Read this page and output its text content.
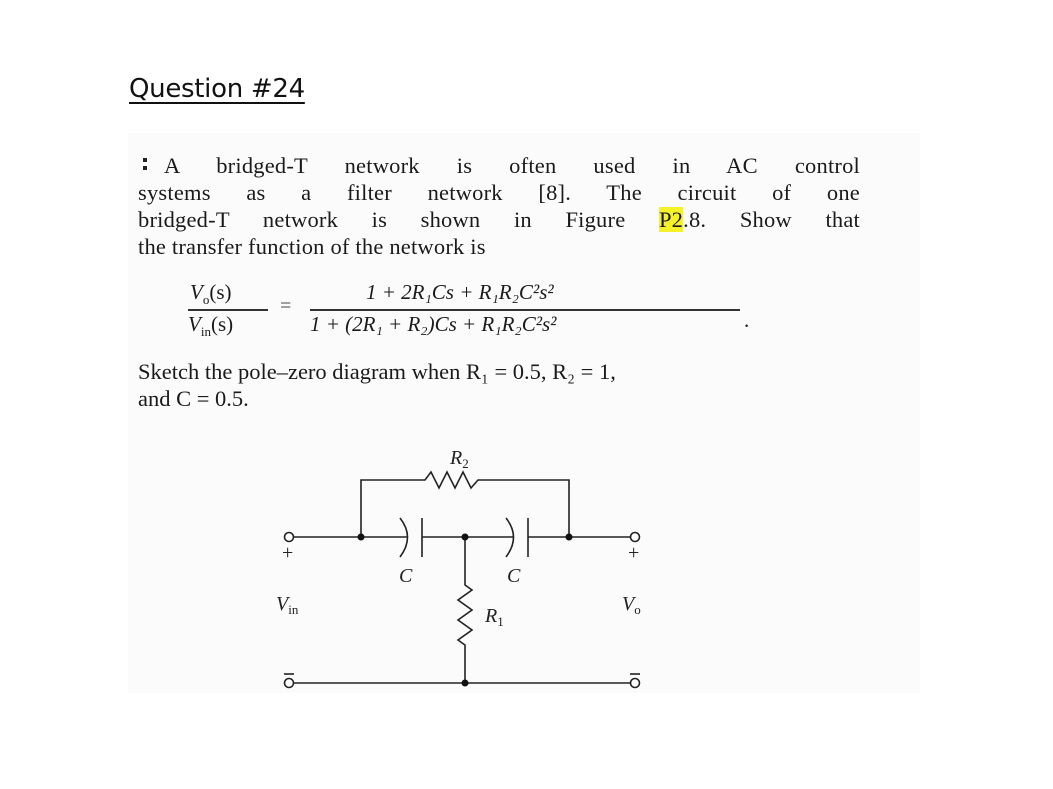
Question #24
A bridged-T network is often used in AC control
systems as a filter network [8]. The circuit of one
bridged-T network is shown in Figure P2.8. Show that
the transfer function of the network is
$V_o(s)$
$V_{in}(s)$
=
1 + 2R₁Cs + R₁R₂C²s²
1 + (2R₁ + R₂)Cs + R₁R₂C²s²	.
Sketch the pole–zero diagram when R₁ = 0.5, R₂ = 1,
and C = 0.5.
+	+
$R_2$
$R_1$
C	C
$V_{in}$	$V_o$
